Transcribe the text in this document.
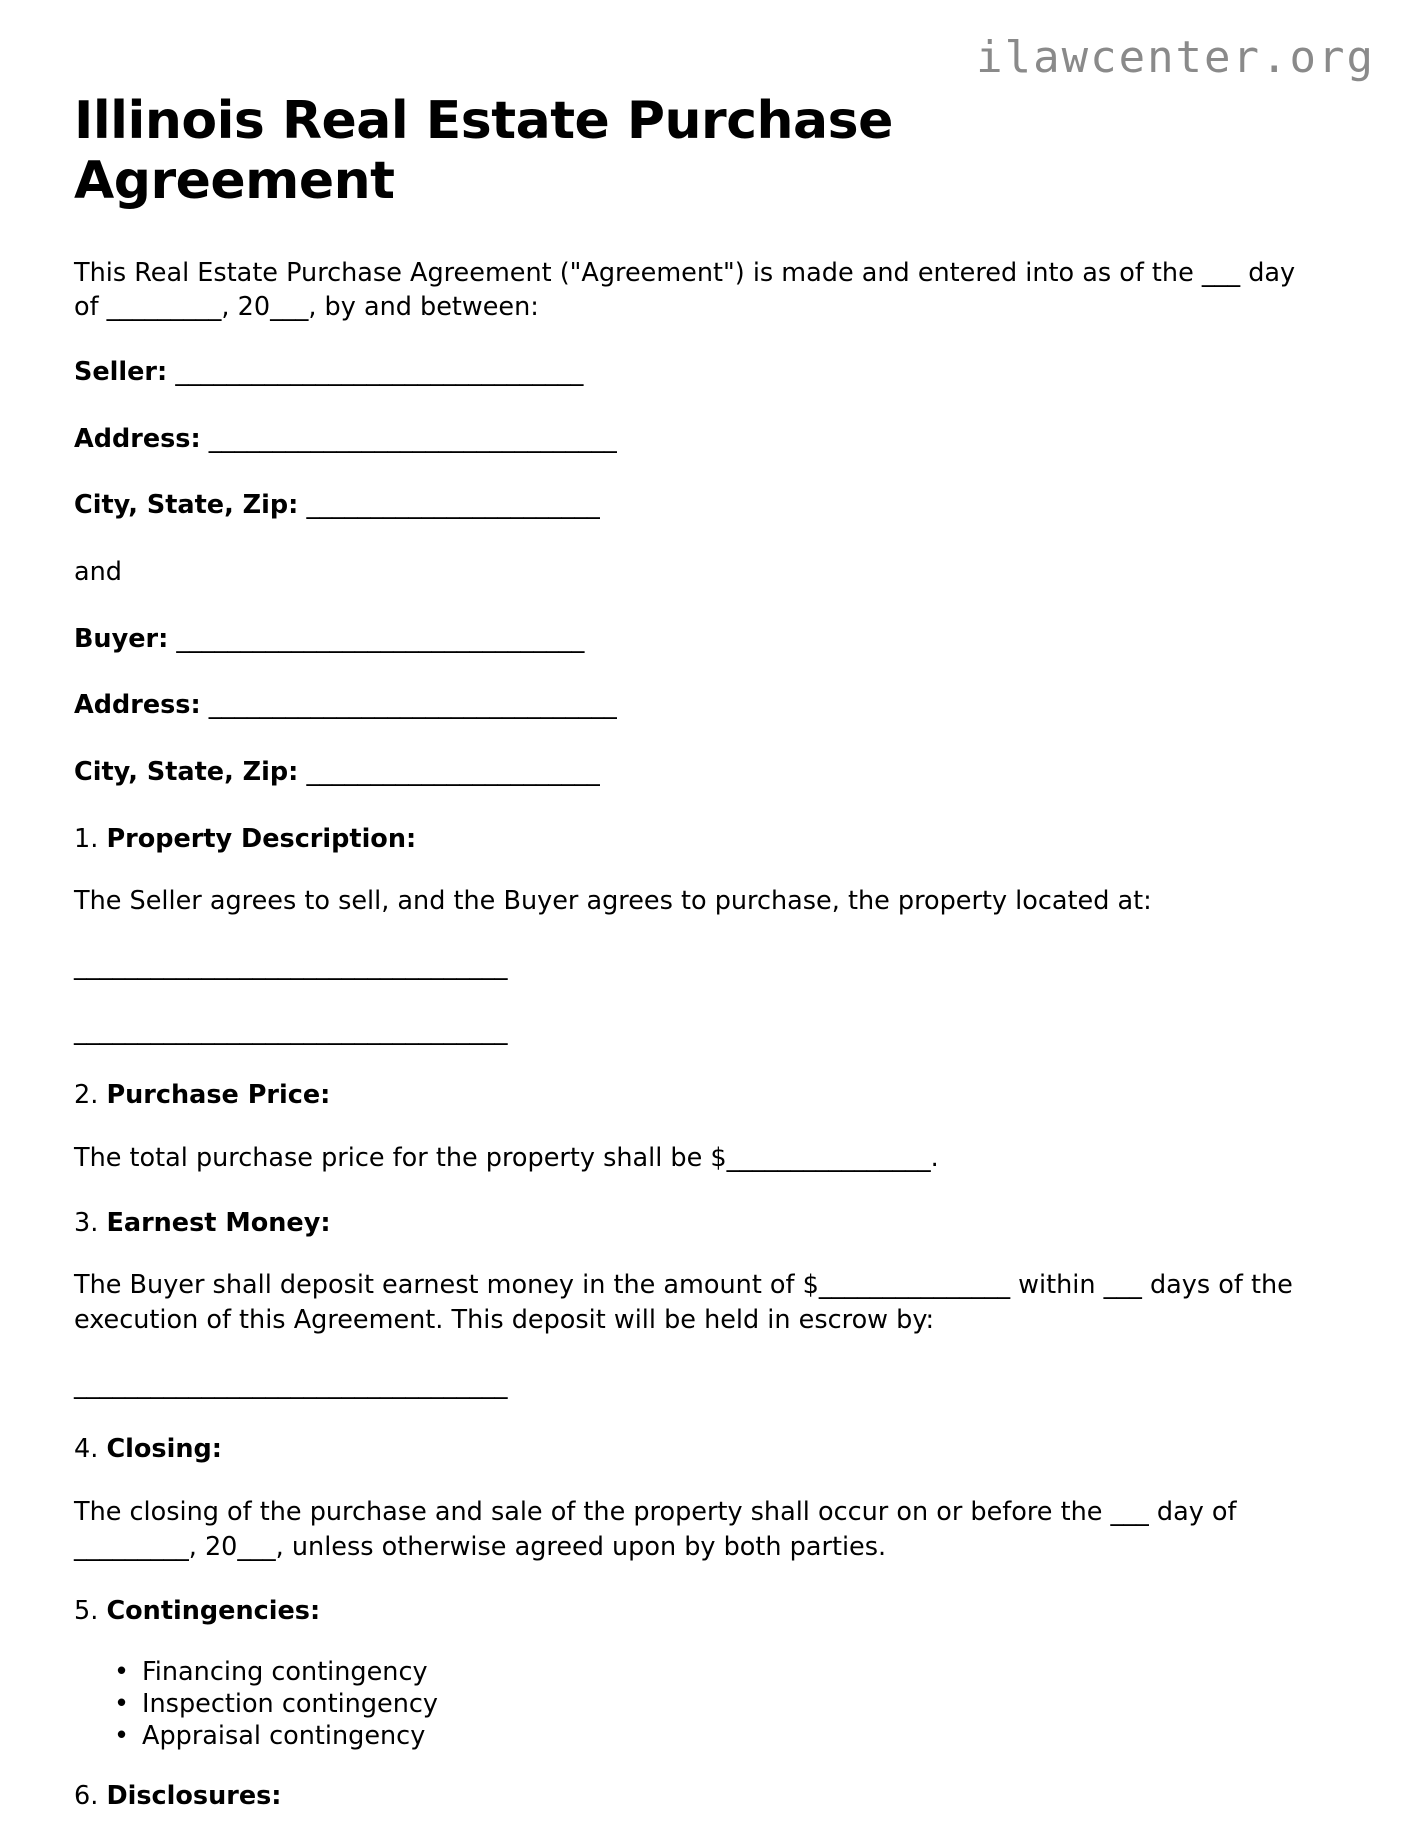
ilawcenter.org
Illinois Real Estate Purchase Agreement

This Real Estate Purchase Agreement ("Agreement") is made and entered into as of the ___ day of _________, 20___, by and between:

Seller: ________________________________
Address: ________________________________
City, State, Zip: _______________________
and
Buyer: ________________________________
Address: ________________________________
City, State, Zip: _______________________
1. Property Description:

The Seller agrees to sell, and the Buyer agrees to purchase, the property located at:

__________________________________
__________________________________
2. Purchase Price:

The total purchase price for the property shall be $________________.

3. Earnest Money:

The Buyer shall deposit earnest money in the amount of $_______________ within ___ days of the execution of this Agreement. This deposit will be held in escrow by:

__________________________________
4. Closing:

The closing of the purchase and sale of the property shall occur on or before the ___ day of _________, 20___, unless otherwise agreed upon by both parties.

5. Contingencies:
• Financing contingency
• Inspection contingency
• Appraisal contingency
6. Disclosures:
